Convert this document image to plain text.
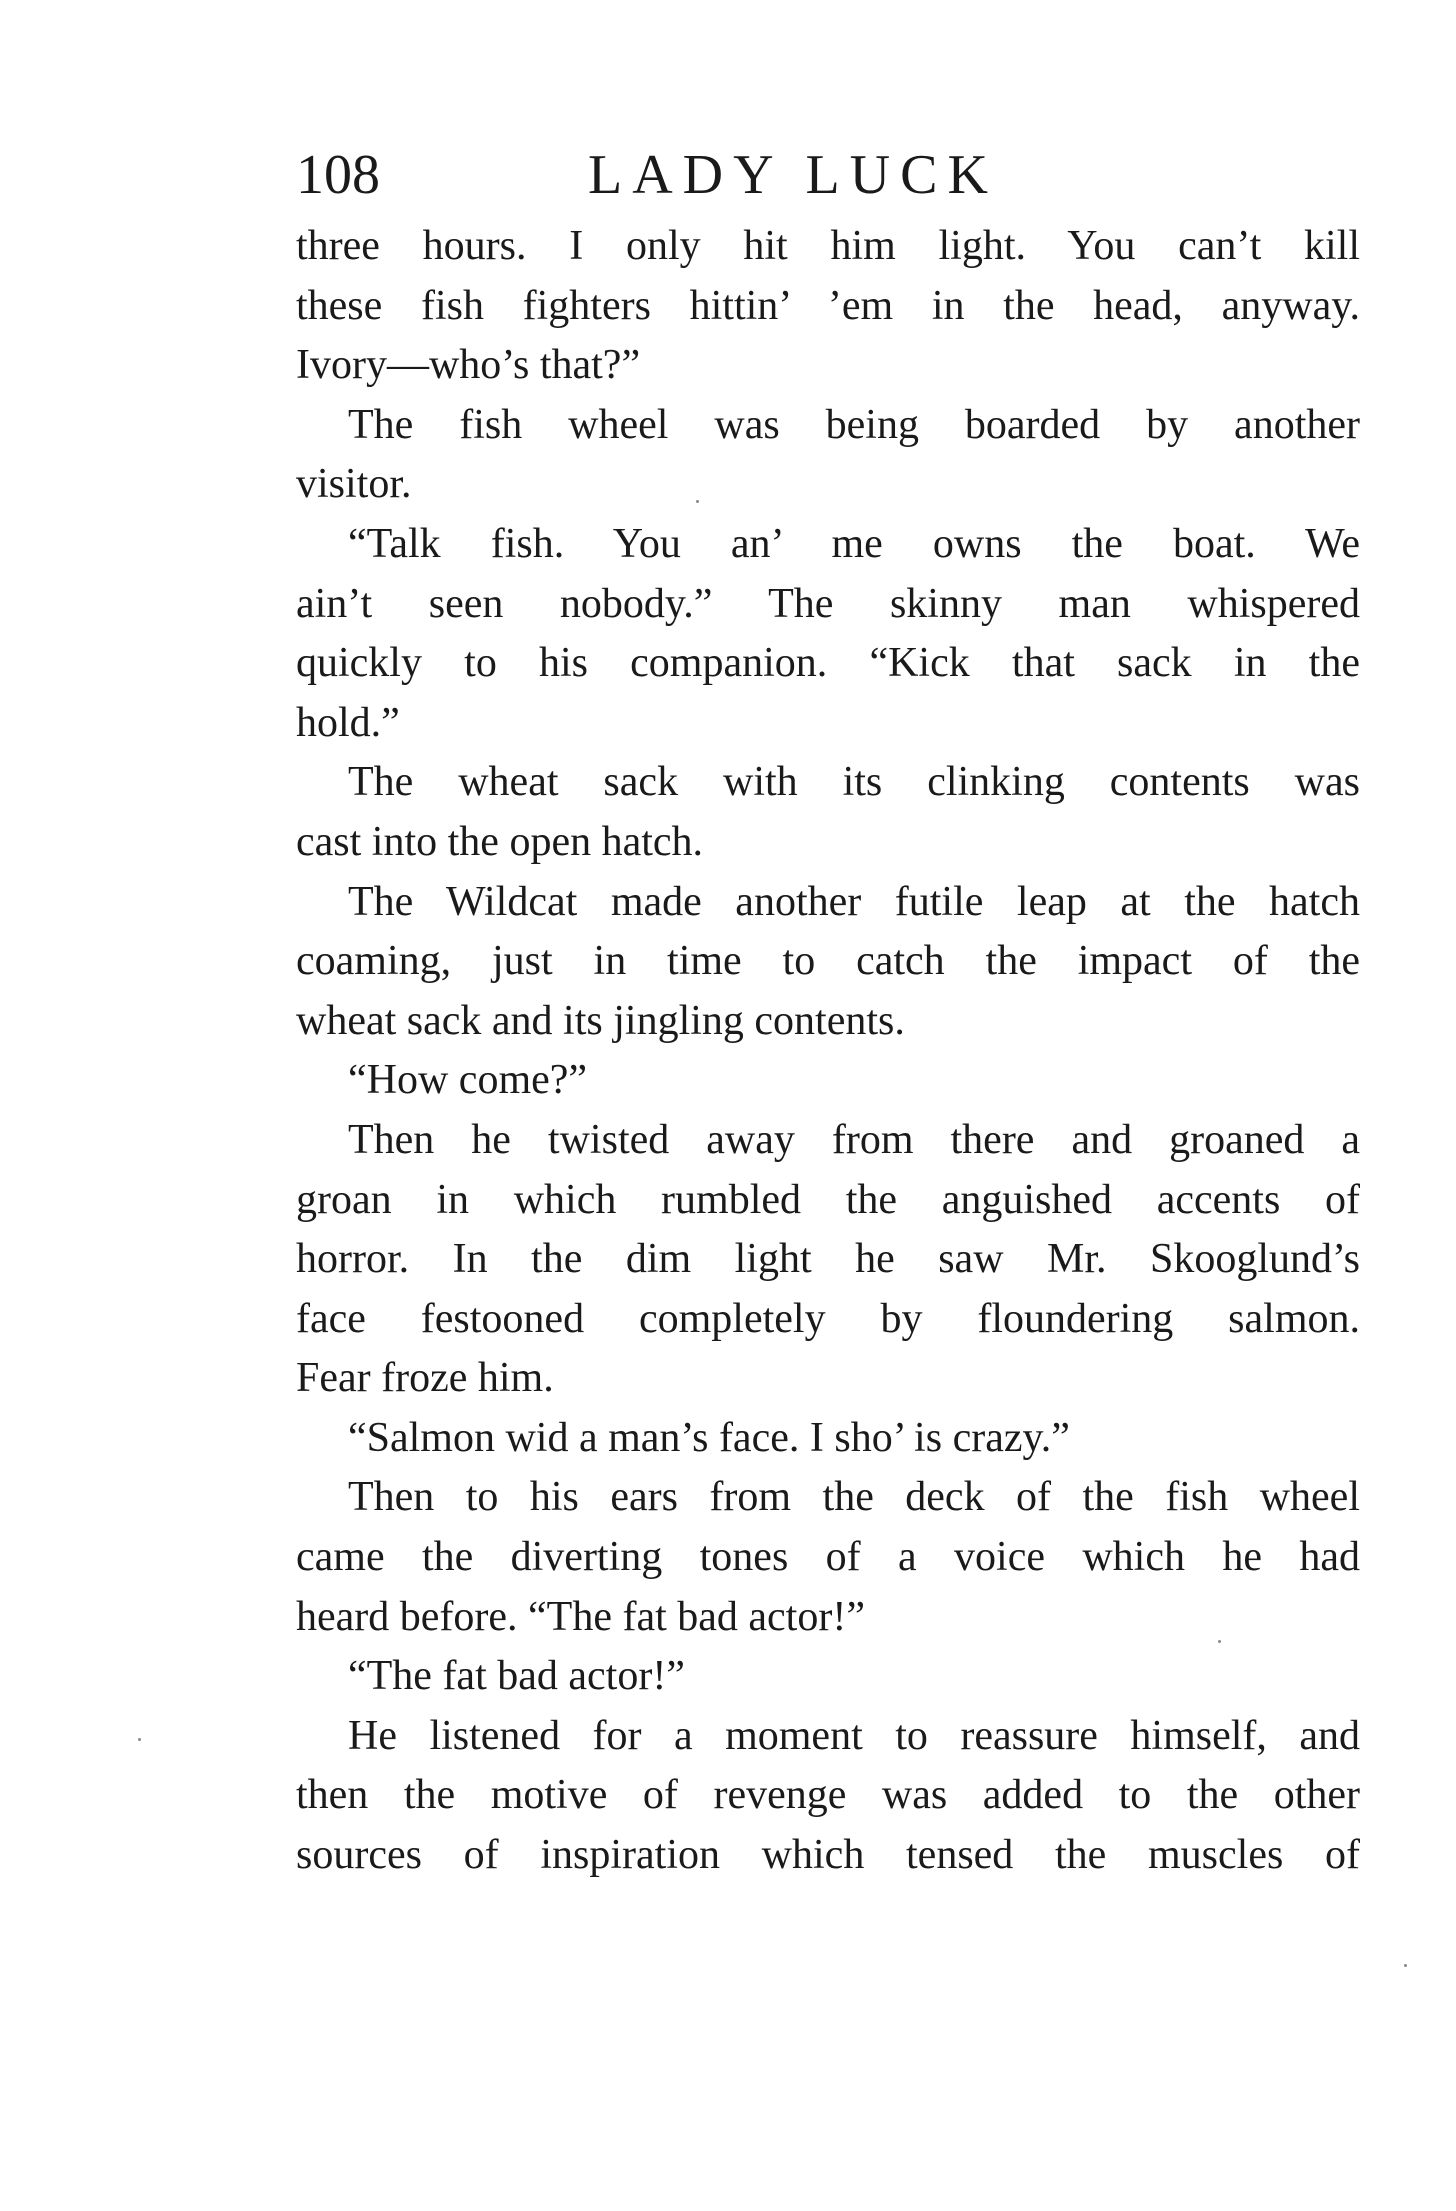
108	LADY LUCK
three hours. I only hit him light. You can’t kill
these fish fighters hittin’ ’em in the head, anyway.
Ivory—who’s that?”
The fish wheel was being boarded by another
visitor.
“Talk fish. You an’ me owns the boat. We
ain’t seen nobody.” The skinny man whispered
quickly to his companion. “Kick that sack in the
hold.”
The wheat sack with its clinking contents was
cast into the open hatch.
The Wildcat made another futile leap at the hatch
coaming, just in time to catch the impact of the
wheat sack and its jingling contents.
“How come?”
Then he twisted away from there and groaned a
groan in which rumbled the anguished accents of
horror. In the dim light he saw Mr. Skooglund’s
face festooned completely by floundering salmon.
Fear froze him.
“Salmon wid a man’s face. I sho’ is crazy.”
Then to his ears from the deck of the fish wheel
came the diverting tones of a voice which he had
heard before. “The fat bad actor!”
“The fat bad actor!”
He listened for a moment to reassure himself, and
then the motive of revenge was added to the other
sources of inspiration which tensed the muscles of
